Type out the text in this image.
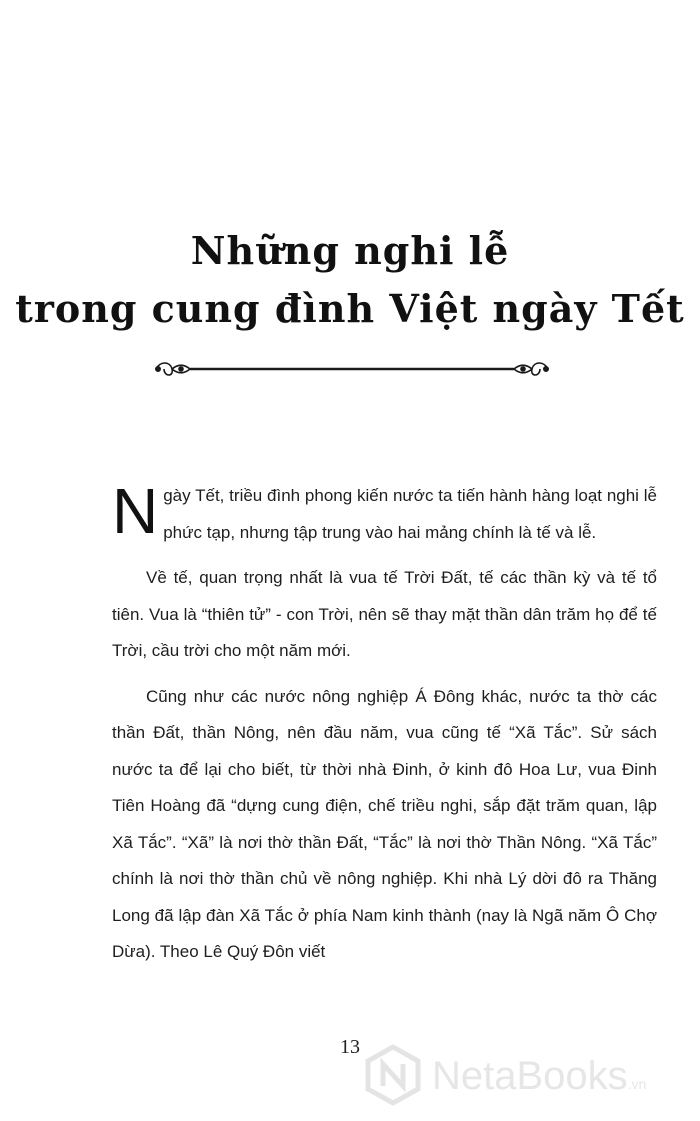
Những nghi lễ
trong cung đình Việt ngày Tết

Ngày Tết, triều đình phong kiến nước ta tiến hành hàng loạt nghi lễ phức tạp, nhưng tập trung vào hai mảng chính là tế và lễ.

Về tế, quan trọng nhất là vua tế Trời Đất, tế các thần kỳ và tế tổ tiên. Vua là “thiên tử” - con Trời, nên sẽ thay mặt thần dân trăm họ để tế Trời, cầu trời cho một năm mới.

Cũng như các nước nông nghiệp Á Đông khác, nước ta thờ các thần Đất, thần Nông, nên đầu năm, vua cũng tế “Xã Tắc”. Sử sách nước ta để lại cho biết, từ thời nhà Đinh, ở kinh đô Hoa Lư, vua Đinh Tiên Hoàng đã “dựng cung điện, chế triều nghi, sắp đặt trăm quan, lập Xã Tắc”. “Xã” là nơi thờ thần Đất, “Tắc” là nơi thờ Thần Nông. “Xã Tắc” chính là nơi thờ thần chủ về nông nghiệp. Khi nhà Lý dời đô ra Thăng Long đã lập đàn Xã Tắc ở phía Nam kinh thành (nay là Ngã năm Ô Chợ Dừa). Theo Lê Quý Đôn viết

13
NetaBooks.vn
